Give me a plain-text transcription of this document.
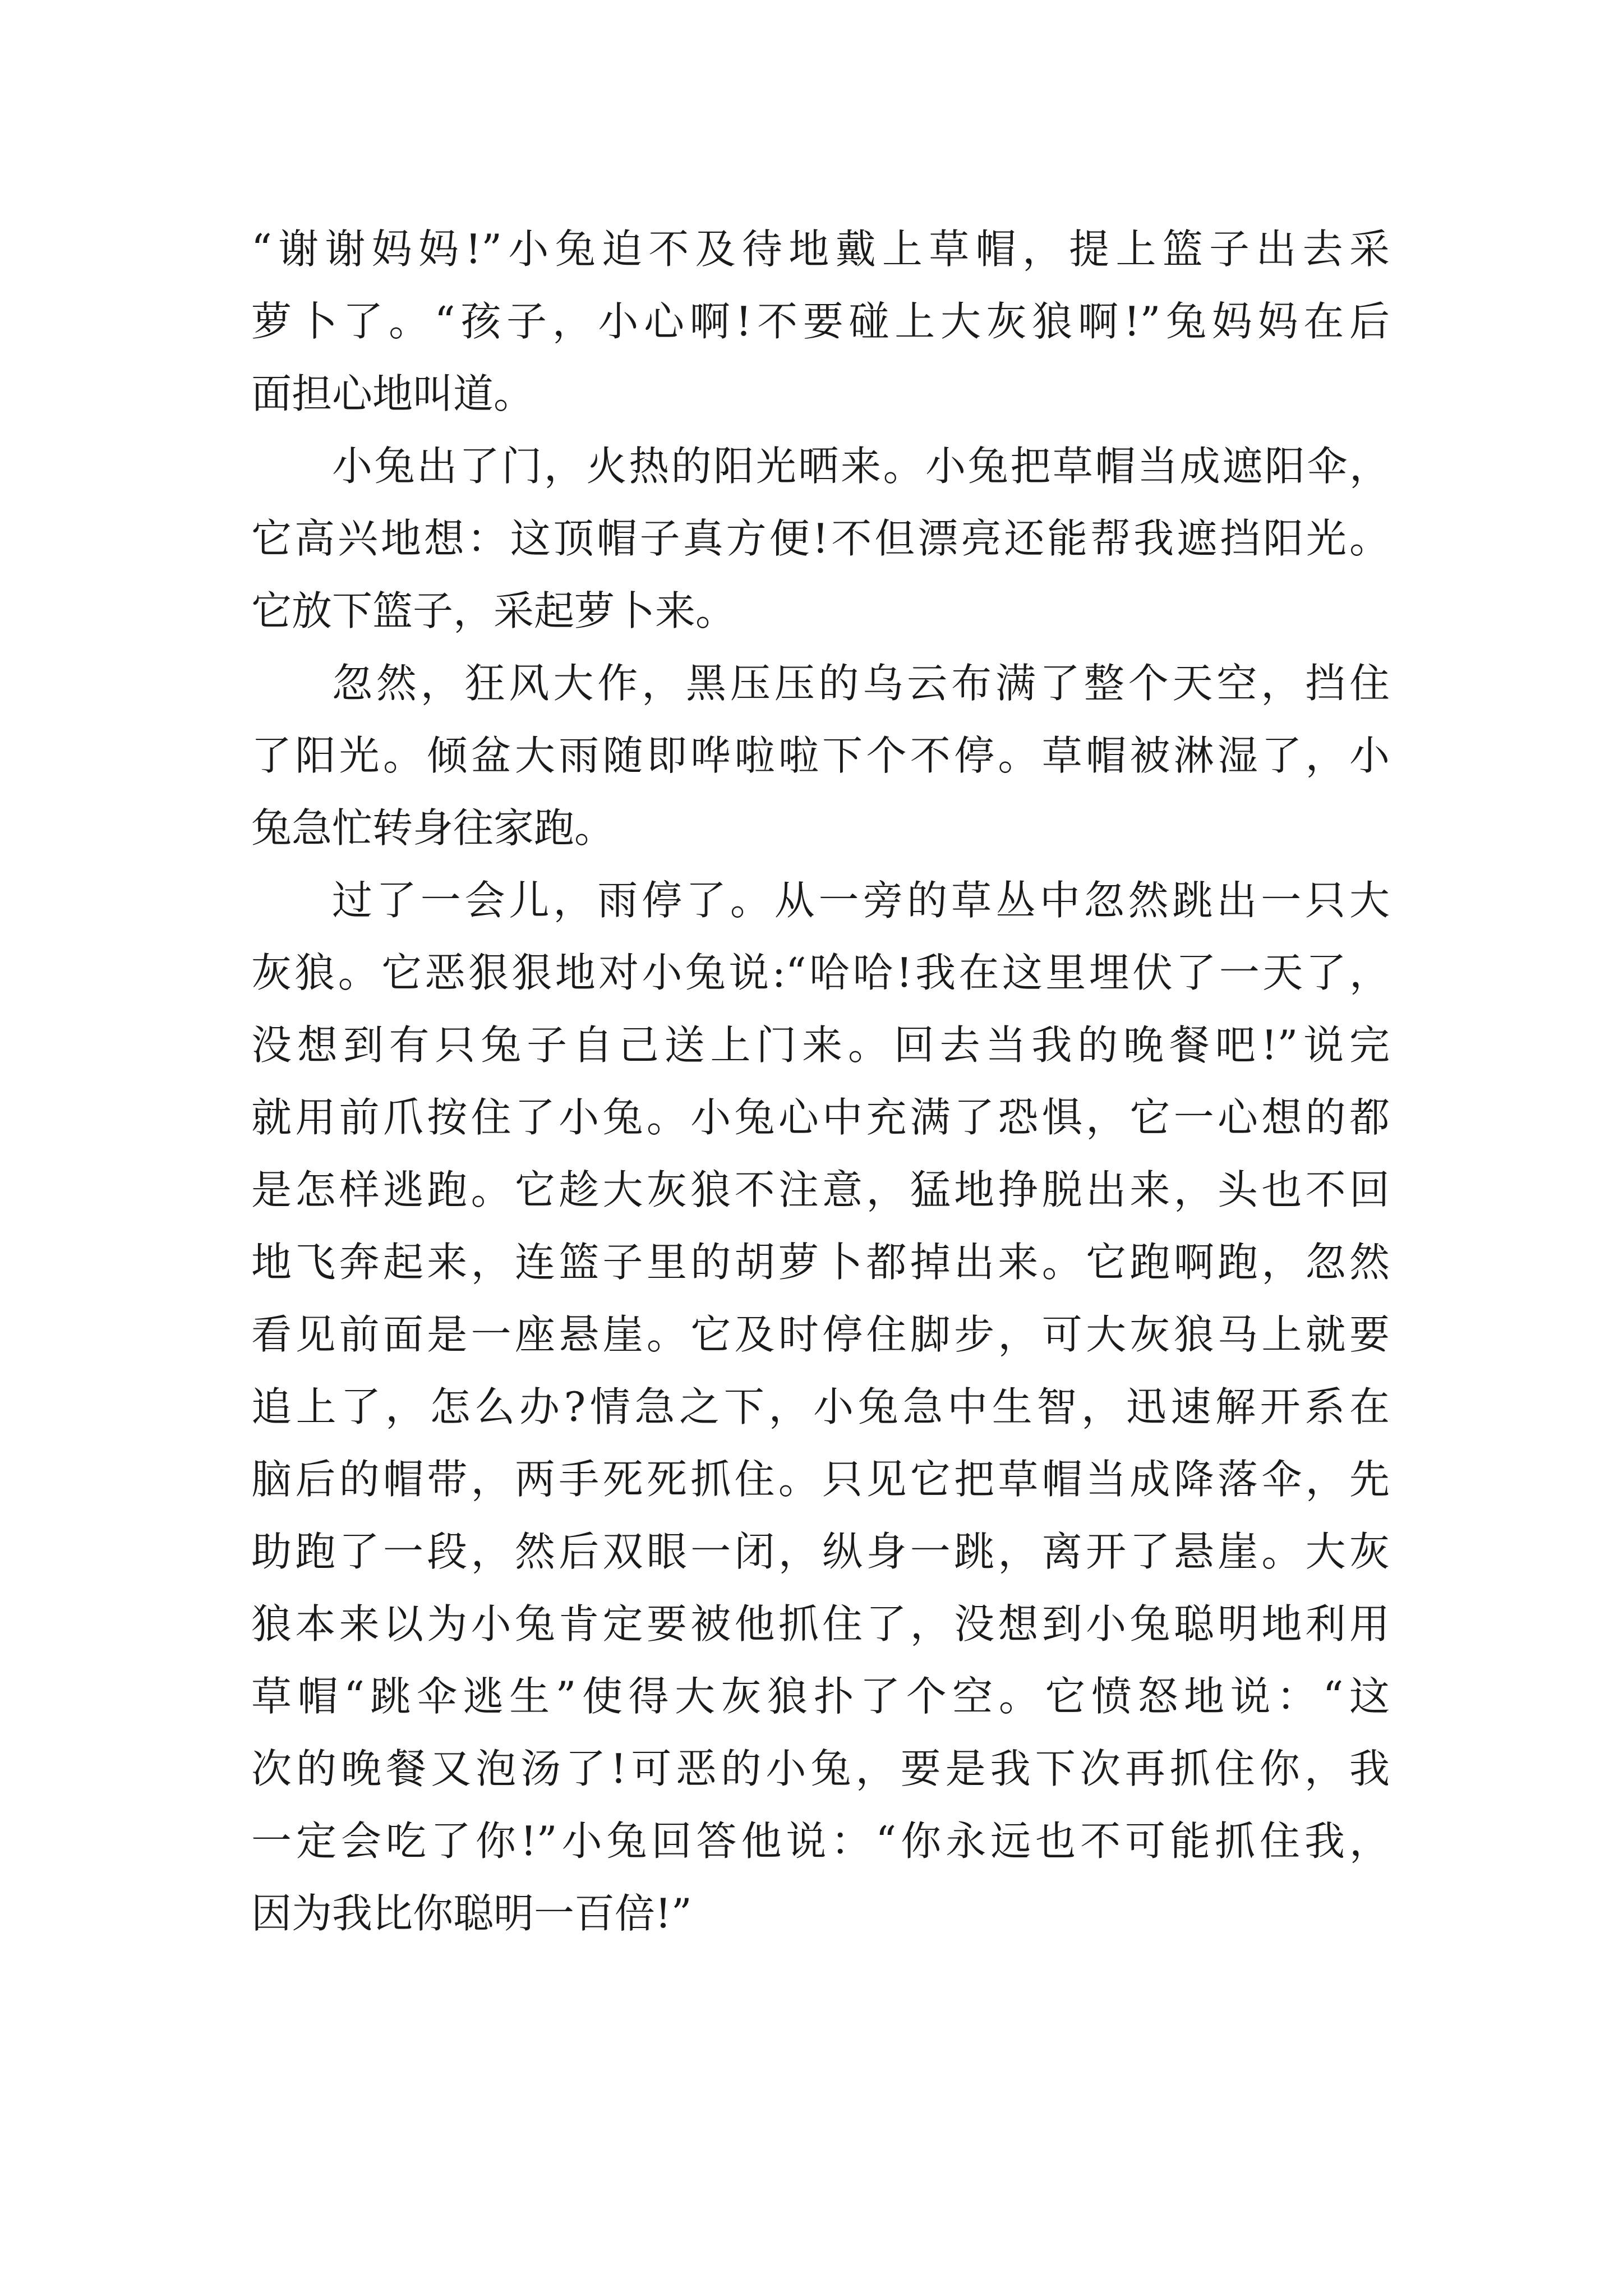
“谢谢妈妈!”小兔迫不及待地戴上草帽，提上篮子出去采
萝卜了。“孩子，小心啊!不要碰上大灰狼啊!”兔妈妈在后
面担心地叫道。
小兔出了门，火热的阳光晒来。小兔把草帽当成遮阳伞，
它高兴地想：这顶帽子真方便!不但漂亮还能帮我遮挡阳光。
它放下篮子，采起萝卜来。
忽然，狂风大作，黑压压的乌云布满了整个天空，挡住
了阳光。倾盆大雨随即哗啦啦下个不停。草帽被淋湿了，小
兔急忙转身往家跑。
过了一会儿，雨停了。从一旁的草丛中忽然跳出一只大
灰狼。它恶狠狠地对小兔说:“哈哈!我在这里埋伏了一天了，
没想到有只兔子自己送上门来。回去当我的晚餐吧!”说完
就用前爪按住了小兔。小兔心中充满了恐惧，它一心想的都
是怎样逃跑。它趁大灰狼不注意，猛地挣脱出来，头也不回
地飞奔起来，连篮子里的胡萝卜都掉出来。它跑啊跑，忽然
看见前面是一座悬崖。它及时停住脚步，可大灰狼马上就要
追上了，怎么办?情急之下，小兔急中生智，迅速解开系在
脑后的帽带，两手死死抓住。只见它把草帽当成降落伞，先
助跑了一段，然后双眼一闭，纵身一跳，离开了悬崖。大灰
狼本来以为小兔肯定要被他抓住了，没想到小兔聪明地利用
草帽“跳伞逃生”使得大灰狼扑了个空。它愤怒地说：“这
次的晚餐又泡汤了!可恶的小兔，要是我下次再抓住你，我
一定会吃了你!”小兔回答他说：“你永远也不可能抓住我，
因为我比你聪明一百倍!”
